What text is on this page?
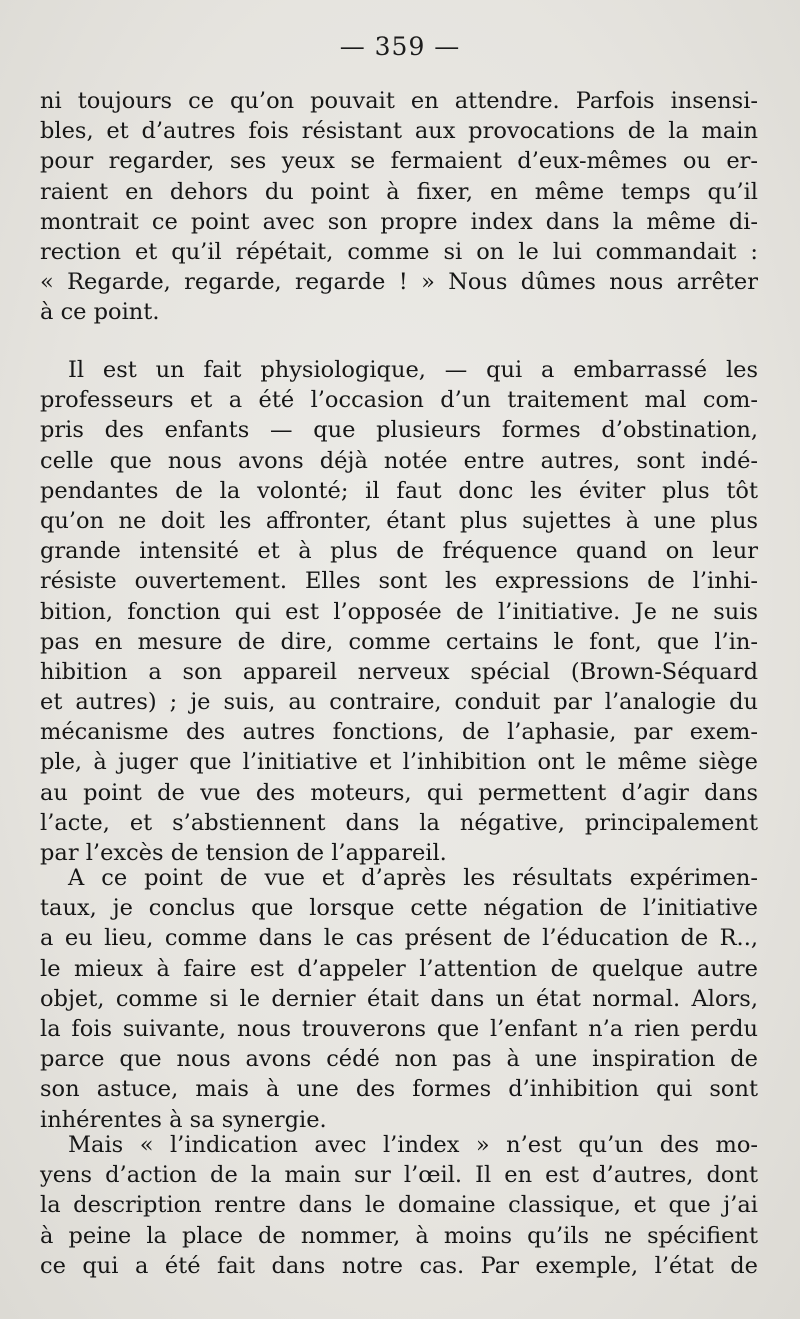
— 359 —
ni toujours ce qu’on pouvait en attendre. Parfois insensi-
bles, et d’autres fois résistant aux provocations de la main
pour regarder, ses yeux se fermaient d’eux-mêmes ou er-
raient en dehors du point à fixer, en même temps qu’il
montrait ce point avec son propre index dans la même di-
rection et qu’il répétait, comme si on le lui commandait :
« Regarde, regarde, regarde ! » Nous dûmes nous arrêter
à ce point.
Il est un fait physiologique, — qui a embarrassé les
professeurs et a été l’occasion d’un traitement mal com-
pris des enfants — que plusieurs formes d’obstination,
celle que nous avons déjà notée entre autres, sont indé-
pendantes de la volonté; il faut donc les éviter plus tôt
qu’on ne doit les affronter, étant plus sujettes à une plus
grande intensité et à plus de fréquence quand on leur
résiste ouvertement. Elles sont les expressions de l’inhi-
bition, fonction qui est l’opposée de l’initiative. Je ne suis
pas en mesure de dire, comme certains le font, que l’in-
hibition a son appareil nerveux spécial (Brown-Séquard
et autres) ; je suis, au contraire, conduit par l’analogie du
mécanisme des autres fonctions, de l’aphasie, par exem-
ple, à juger que l’initiative et l’inhibition ont le même siège
au point de vue des moteurs, qui permettent d’agir dans
l’acte, et s’abstiennent dans la négative, principalement
par l’excès de tension de l’appareil.
A ce point de vue et d’après les résultats expérimen-
taux, je conclus que lorsque cette négation de l’initiative
a eu lieu, comme dans le cas présent de l’éducation de R..,
le mieux à faire est d’appeler l’attention de quelque autre
objet, comme si le dernier était dans un état normal. Alors,
la fois suivante, nous trouverons que l’enfant n’a rien perdu
parce que nous avons cédé non pas à une inspiration de
son astuce, mais à une des formes d’inhibition qui sont
inhérentes à sa synergie.
Mais « l’indication avec l’index » n’est qu’un des mo-
yens d’action de la main sur l’œil. Il en est d’autres, dont
la description rentre dans le domaine classique, et que j’ai
à peine la place de nommer, à moins qu’ils ne spécifient
ce qui a été fait dans notre cas. Par exemple, l’état de
